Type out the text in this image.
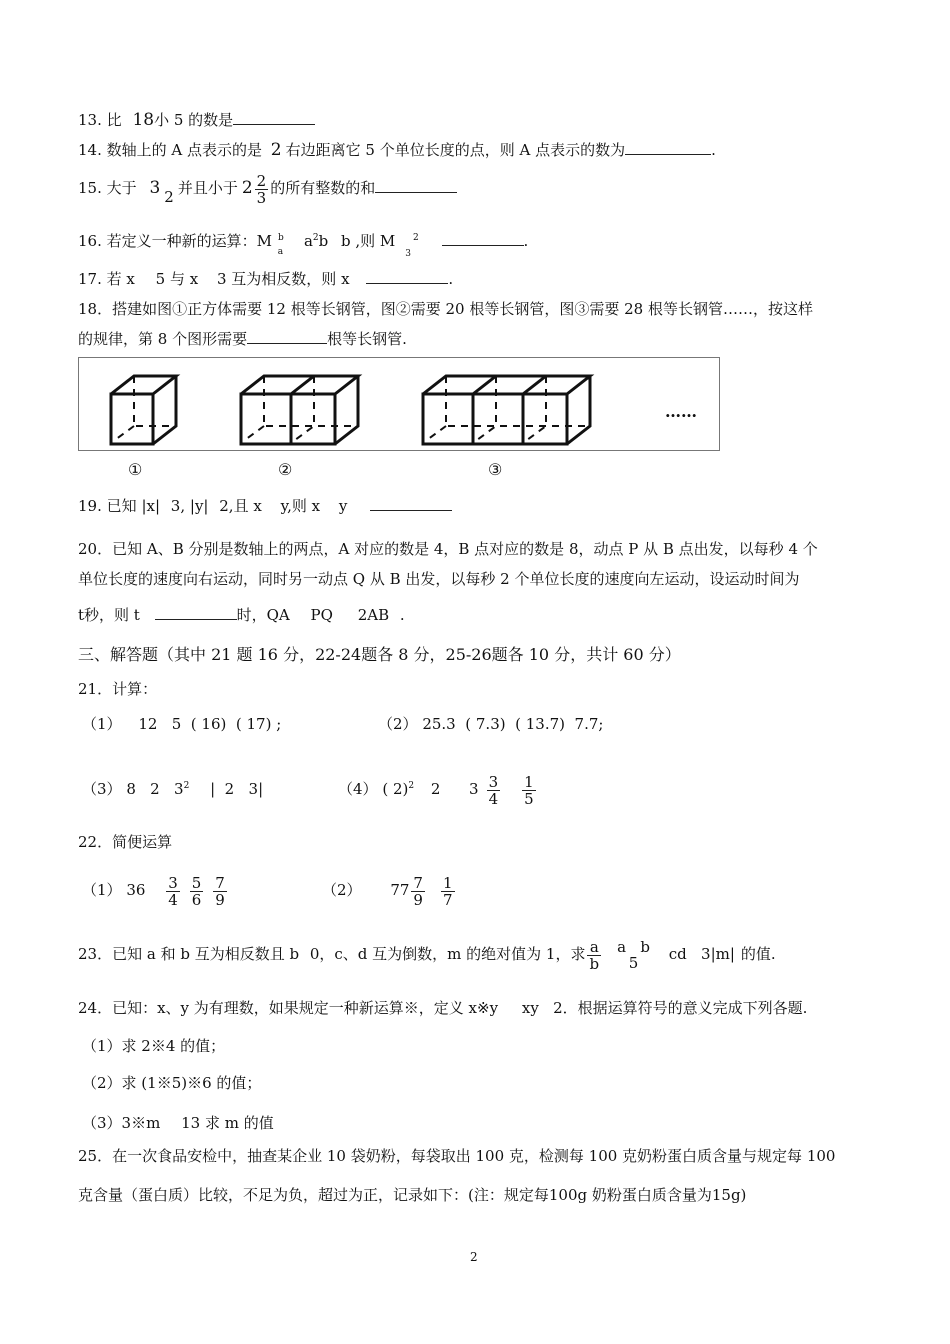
13. 比 18小 5 的数是
14. 数轴上的 A 点表示的是 2 右边距离它 5 个单位长度的点，则 A 点表示的数为	.
15. 大于 3
2 并且小于 $2 \frac{2}{3}$ 的所有整数的和
16. 若定义一种新的运算：M $^b_a$ $a^2b$ b ,则 $M_3^2$	.
17. 若 x 5 与 x 3 互为相反数，则 x	.
18．搭建如图①正方体需要 12 根等长钢管，图②需要 20 根等长钢管，图③需要 28 根等长钢管……，按这样
的规律，第 8 个图形需要	根等长钢管.
……
①	②	③
19. 已知 |x| 3, |y| 2,且 x y,则 x y
20．已知 A、B 分别是数轴上的两点，A 对应的数是 4，B 点对应的数是 8，动点 P 从 B 点出发，以每秒 4 个
单位长度的速度向右运动，同时另一动点 Q 从 B 出发，以每秒 2 个单位长度的速度向左运动，设运动时间为
t秒，则 t	时，QA PQ 2AB .
三、解答题（其中 21 题 16 分，22-24题各 8 分，25-26题各 10 分，共计 60 分）
21．计算：
（1） 12   5  ( 16)  ( 17) ;	（2） 25.3  ( 7.3)  ( 13.7)  7.7;
（3） 8   2   $3^2$ |  2   3|	（4） ( 2)$^2$ 2      $3 \frac{3}{4} \frac{1}{5}$
22．简便运算
（1） $36 \frac{3}{4} \frac{5}{6} \frac{7}{9}$	（2） $77 \frac{7}{9} \frac{1}{7}$
23．已知 a 和 b 互为相反数且 b 0，c、d 互为倒数，m 的绝对值为 1，求 $\frac{a}{b}$ a   b
5	cd   3|m| 的值.
24．已知：x、y 为有理数，如果规定一种新运算※，定义 x※y     xy   2．根据运算符号的意义完成下列各题.
（1）求 2※4 的值；
（2）求 (1※5)※6 的值；
（3）3※m 13 求 m 的值
25．在一次食品安检中，抽查某企业 10 袋奶粉，每袋取出 100 克，检测每 100 克奶粉蛋白质含量与规定每 100
克含量（蛋白质）比较，不足为负，超过为正，记录如下：(注：规定每100g 奶粉蛋白质含量为15g)
2
